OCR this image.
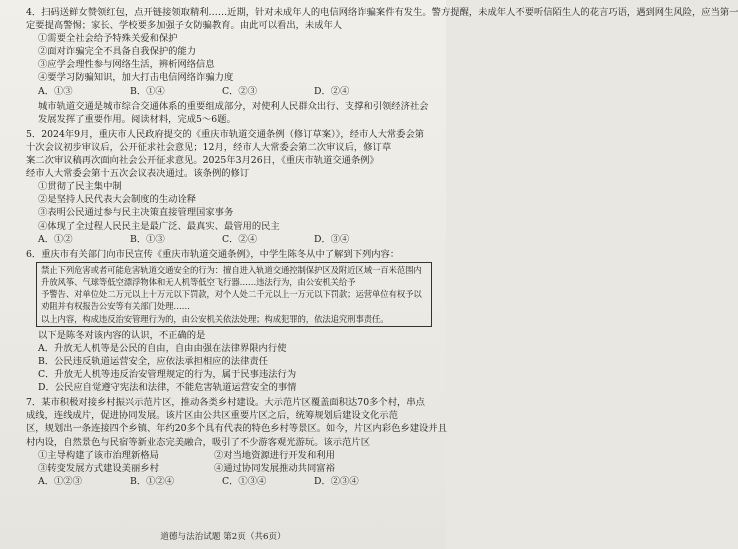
4．扫码送鲜女赞领红包，点开链接领取精利……近期，针对未成年人的电信网络诈骗案件有发生。警方提醒，未成年人不要听信陌生人的花言巧语，遇到网生风险，应当第一
定要提高警惕；家长、学校要多加强子女防骗教育。由此可以看出，未成年人
①需要全社会给予特殊关爱和保护
②面对诈骗完全不具备自我保护的能力
③应学会理性参与网络生活，辨析网络信息
④要学习防骗知识，加大打击电信网络诈骗力度
A．①③	B．①④	C．②③	D．②④
城市轨道交通是城市综合交通体系的重要组成部分，对使利人民群众出行、支撑和引领经济社会发展发挥了重要作用。阅读材料，完成5～6题。
5．2024年9月，重庆市人民政府提交的《重庆市轨道交通条例（修订草案）》，经市人大常委会第十次会议初步审议后，公开征求社会意见；12月，经市人大常委会第二次审议后，修订草
案二次审议稿再次面向社会公开征求意见。2025年3月26日，《重庆市轨道交通条例》
经市人大常委会第十五次会议表决通过。该条例的修订
①贯彻了民主集中制
②是坚持人民代表大会制度的生动诠释
③表明公民通过参与民主决策直接管理国家事务
④体现了全过程人民民主是最广泛、最真实、最管用的民主
A．①②	B．①③	C．②④	D．③④
6．重庆市有关部门向市民宣传《重庆市轨道交通条例》，中学生陈冬从中了解到下列内容：
禁止下列危害或者可能危害轨道交通安全的行为：擅自进入轨道交通控制保护区及附近区域一百米范围内升放风筝、气球等低空漂浮物体和无人机等低空飞行器……违法行为，由公安机关给予
予警告、对单位处二万元以上十万元以下罚款，对个人处二千元以上一万元以下罚款；运营单位有权予以劝阻并有权报告公安等有关部门处理……
以上内容，构成违反治安管理行为的，由公安机关依法处理；构成犯罪的，依法追究刑事责任。
以下是陈冬对该内容的认识，不正确的是
A．升放无人机等是公民的自由，自由由强在法律界限内行使
B．公民违反轨道运营安全，应依法承担相应的法律责任
C．升放无人机等违反治安管理规定的行为，属于民事违法行为
D．公民应自觉遵守宪法和法律，不能危害轨道运营安全的事情
7．某市积极对接乡村振兴示范片区，推动各类乡村建设。大示范片区覆盖面积达70多个村，串点成线，连线成片，促进协同发展。该片区由公共区重要片区之后，统筹规划后建设文化示范
区，规划出一条连接四个乡镇、年约20多个具有代表的特色乡村等景区。如今，片区内彩色乡建设并且
村内设，自然景色与民宿等新业态完美融合，吸引了不少游客观光游玩。该示范片区
①主导构建了该市治理新格局	②对当地资源进行开发和利用
③转变发展方式建设美丽乡村	④通过协同发展推动共同富裕
A．①②③	B．①②④	C．①③④	D．②③④
道德与法治试题 第2页（共6页）
